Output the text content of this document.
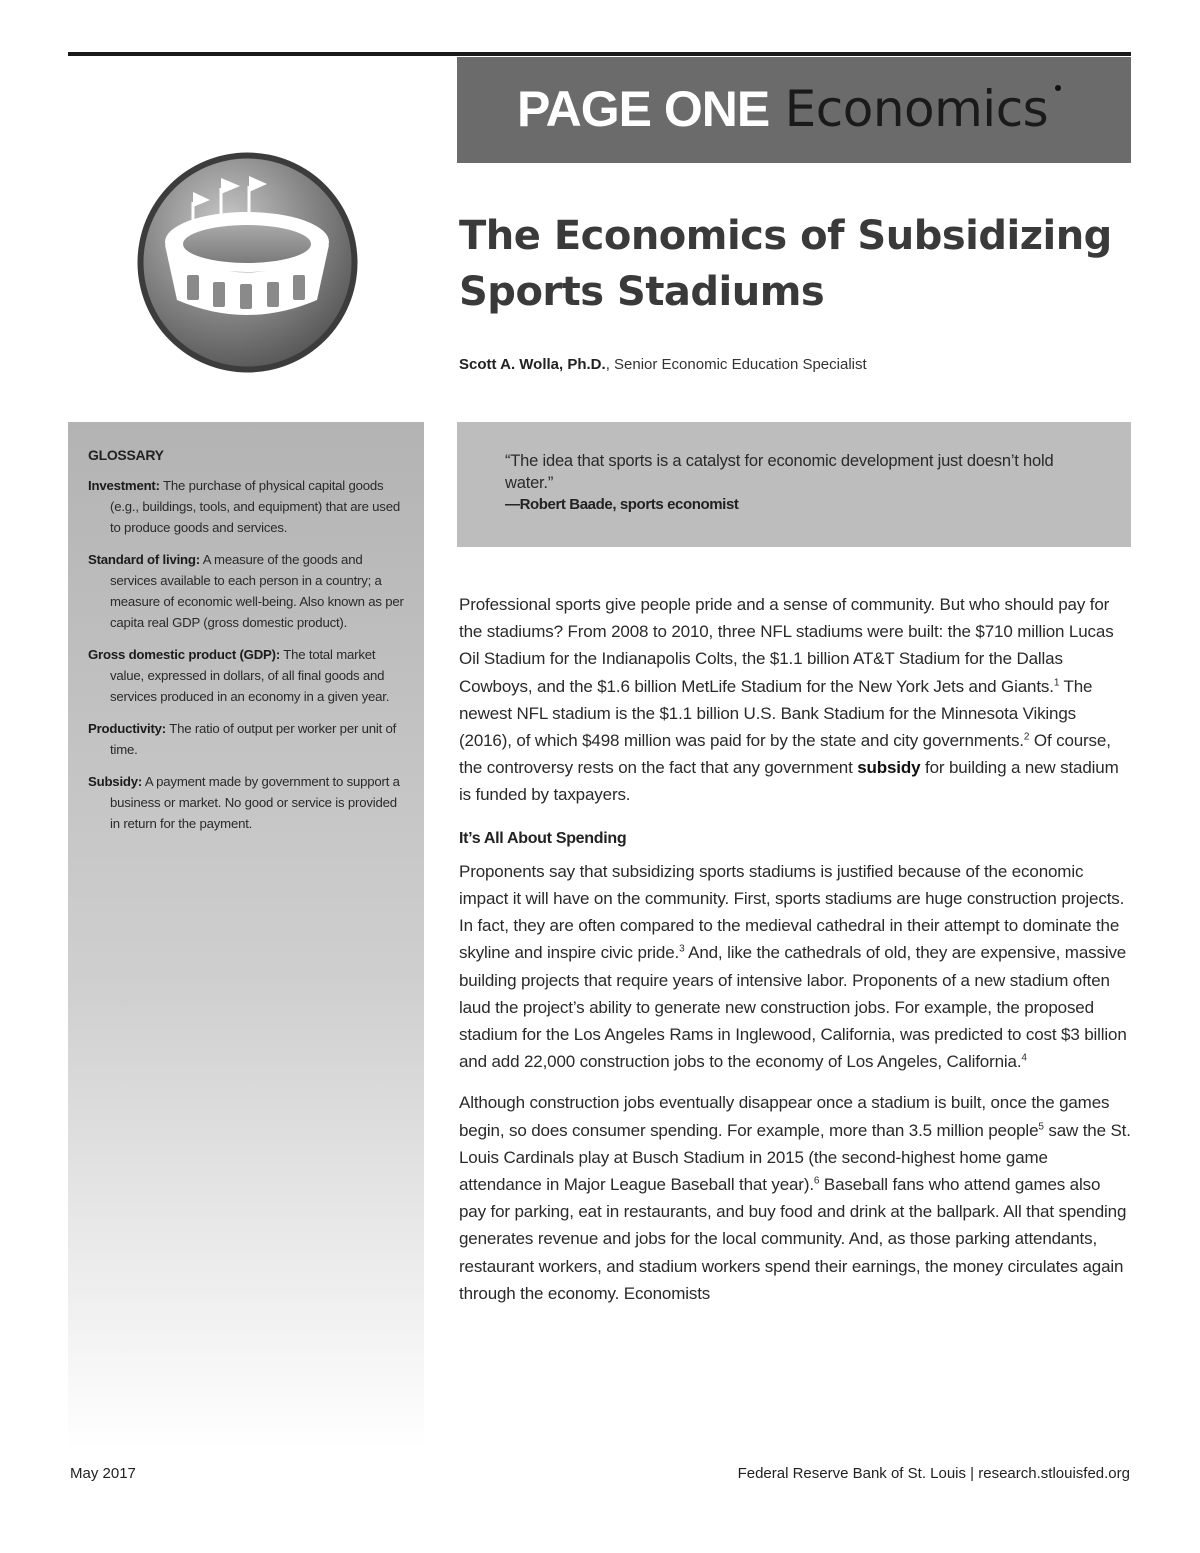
PAGE ONE Economics
The Economics of Subsidizing
Sports Stadiums
Scott A. Wolla, Ph.D., Senior Economic Education Specialist
GLOSSARY
Investment: The purchase of physical capital goods (e.g., buildings, tools, and equipment) that are used to produce goods and services.
Standard of living: A measure of the goods and services available to each person in a country; a measure of economic well-being. Also known as per capita real GDP (gross domestic product).
Gross domestic product (GDP): The total market value, expressed in dollars, of all final goods and services produced in an economy in a given year.
Productivity: The ratio of output per worker per unit of time.
Subsidy: A payment made by government to support a business or market. No good or service is provided in return for the payment.
“The idea that sports is a catalyst for economic development just doesn’t hold water.”
—Robert Baade, sports economist

Professional sports give people pride and a sense of community. But who should pay for the stadiums? From 2008 to 2010, three NFL stadiums were built: the $710 million Lucas Oil Stadium for the Indianapolis Colts, the $1.1 billion AT&T Stadium for the Dallas Cowboys, and the $1.6 billion MetLife Stadium for the New York Jets and Giants.$^1$ The newest NFL stadium is the $1.1 billion U.S. Bank Stadium for the Minnesota Vikings (2016), of which $498 million was paid for by the state and city governments.$^2$ Of course, the controversy rests on the fact that any government subsidy for building a new stadium is funded by taxpayers.

It’s All About Spending

Proponents say that subsidizing sports stadiums is justified because of the economic impact it will have on the community. First, sports stadiums are huge construction projects. In fact, they are often compared to the medieval cathedral in their attempt to dominate the skyline and inspire civic pride.$^3$ And, like the cathedrals of old, they are expensive, massive building projects that require years of intensive labor. Proponents of a new stadium often laud the project’s ability to generate new construction jobs. For example, the proposed stadium for the Los Angeles Rams in Inglewood, California, was predicted to cost $3 billion and add 22,000 construction jobs to the economy of Los Angeles, California.$^4$

Although construction jobs eventually disappear once a stadium is built, once the games begin, so does consumer spending. For example, more than 3.5 million people$^5$ saw the St. Louis Cardinals play at Busch Stadium in 2015 (the second-highest home game attendance in Major League Baseball that year).$^6$ Baseball fans who attend games also pay for parking, eat in restaurants, and buy food and drink at the ballpark. All that spending generates revenue and jobs for the local community. And, as those parking attendants, restaurant workers, and stadium workers spend their earnings, the money circulates again through the economy. Economists

May 2017	Federal Reserve Bank of St. Louis | research.stlouisfed.org
